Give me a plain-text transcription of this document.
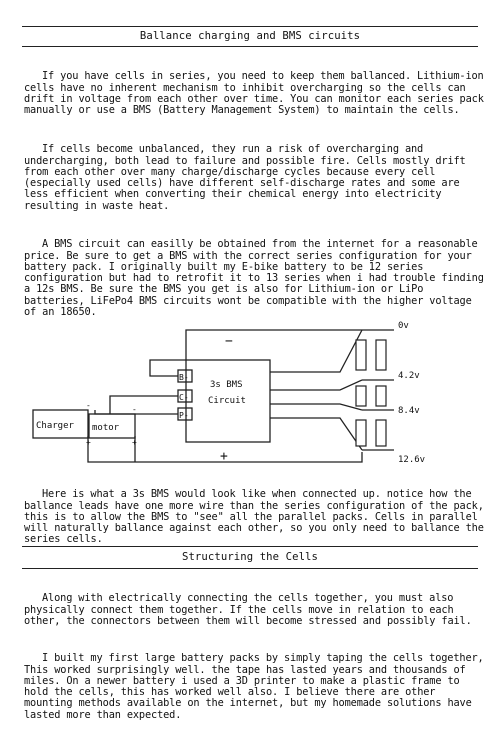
Ballance charging and BMS circuits

If you have cells in series, you need to keep them ballanced. Lithium-ion cells have no inherent mechanism to inhibit overcharging so the cells can drift in voltage from each other over time. You can monitor each series pack manually or use a BMS (Battery Management System) to maintain the cells.

If cells become unbalanced, they run a risk of overcharging and undercharging, both lead to failure and possible fire. Cells mostly drift from each other over many charge/discharge cycles because every cell (especially used cells) have different self-discharge rates and some are less efficient when converting their chemical energy into electricity resulting in waste heat.

A BMS circuit can easilly be obtained from the internet for a reasonable price. Be sure to get a BMS with the correct series configuration for your battery pack. I originally built my E-bike battery to be 12 series configuration but had to retrofit it to 13 series when i had trouble finding a 12s BMS. Be sure the BMS you get is also for Lithium-ion or LiPo batteries, LiFePo4 BMS circuits wont be compatible with the higher voltage of an 18650.

3s BMS
Circuit
B-
C-
P-
Charger motor
−
+
-
+
-
+
0v
4.2v
8.4v
12.6v

Here is what a 3s BMS would look like when connected up. notice how the ballance leads have one more wire than the series configuration of the pack, this is to allow the BMS to "see" all the parallel packs. Cells in parallel will naturally ballance against each other, so you only need to ballance the series cells.

Structuring the Cells

Along with electrically connecting the cells together, you must also physically connect them together. If the cells move in relation to each other, the connectors between them will become stressed and possibly fail.

I built my first large battery packs by simply taping the cells together, This worked surprisingly well. the tape has lasted years and thousands of miles. On a newer battery i used a 3D printer to make a plastic frame to hold the cells, this has worked well also. I believe there are other mounting methods available on the internet, but my homemade solutions have lasted more than expected.
